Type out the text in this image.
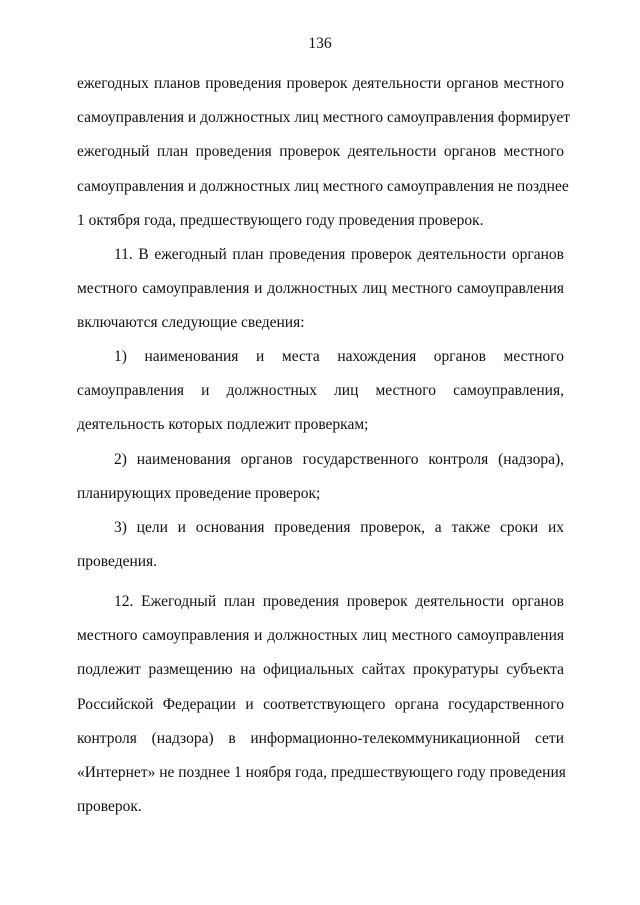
136
ежегодных планов проведения проверок деятельности органов местного
самоуправления и должностных лиц местного самоуправления формирует
ежегодный план проведения проверок деятельности органов местного
самоуправления и должностных лиц местного самоуправления не позднее
1 октября года, предшествующего году проведения проверок.
11. В ежегодный план проведения проверок деятельности органов
местного самоуправления и должностных лиц местного самоуправления
включаются следующие сведения:
1) наименования и места нахождения органов местного
самоуправления и должностных лиц местного самоуправления,
деятельность которых подлежит проверкам;
2) наименования органов государственного контроля (надзора),
планирующих проведение проверок;
3) цели и основания проведения проверок, а также сроки их
проведения.
12. Ежегодный план проведения проверок деятельности органов
местного самоуправления и должностных лиц местного самоуправления
подлежит размещению на официальных сайтах прокуратуры субъекта
Российской Федерации и соответствующего органа государственного
контроля (надзора) в информационно-телекоммуникационной сети
«Интернет» не позднее 1 ноября года, предшествующего году проведения
проверок.
